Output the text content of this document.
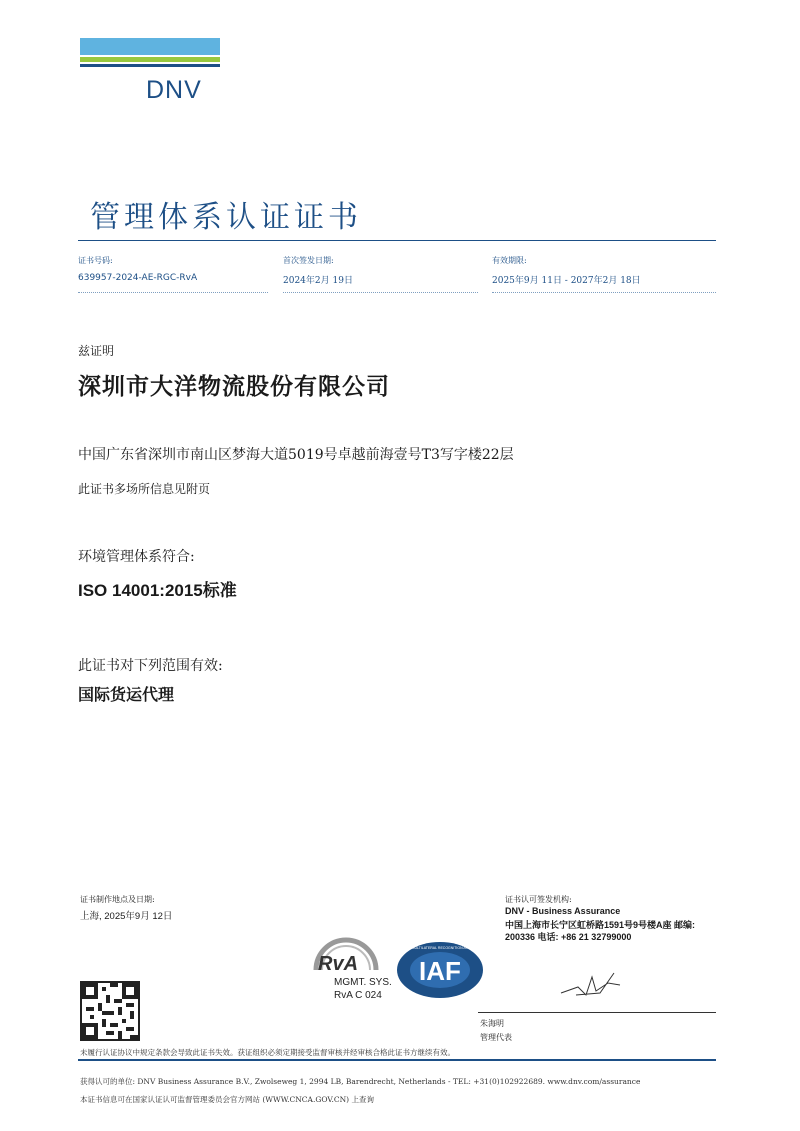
DNV
管理体系认证证书
证书号码:
639957-2024-AE-RGC-RvA
首次签发日期:
2024年2月 19日
有效期限:
2025年9月 11日 - 2027年2月 18日
兹证明
深圳市大洋物流股份有限公司
中国广东省深圳市南山区梦海大道5019号卓越前海壹号T3写字楼22层
此证书多场所信息见附页
环境管理体系符合:
ISO 14001:2015标准
此证书对下列范围有效:
国际货运代理
证书制作地点及日期:
上海, 2025年9月 12日
证书认可签发机构:
DNV - Business Assurance
中国上海市长宁区虹桥路1591号9号楼A座 邮编:
200336 电话: +86 21 32799000
RvA
MGMT. SYS.
RvA C 024
IAF
MEMBER OF MULTILATERAL RECOGNITION ARRANGEMENT
朱海明
管理代表
未履行认证协议中规定条款会导致此证书失效。获证组织必须定期接受监督审核并经审核合格此证书方继续有效。
获得认可的单位: DNV Business Assurance B.V., Zwolseweg 1, 2994 LB, Barendrecht, Netherlands - TEL: +31(0)102922689. www.dnv.com/assurance
本证书信息可在国家认证认可监督管理委员会官方网站 (WWW.CNCA.GOV.CN) 上查询
